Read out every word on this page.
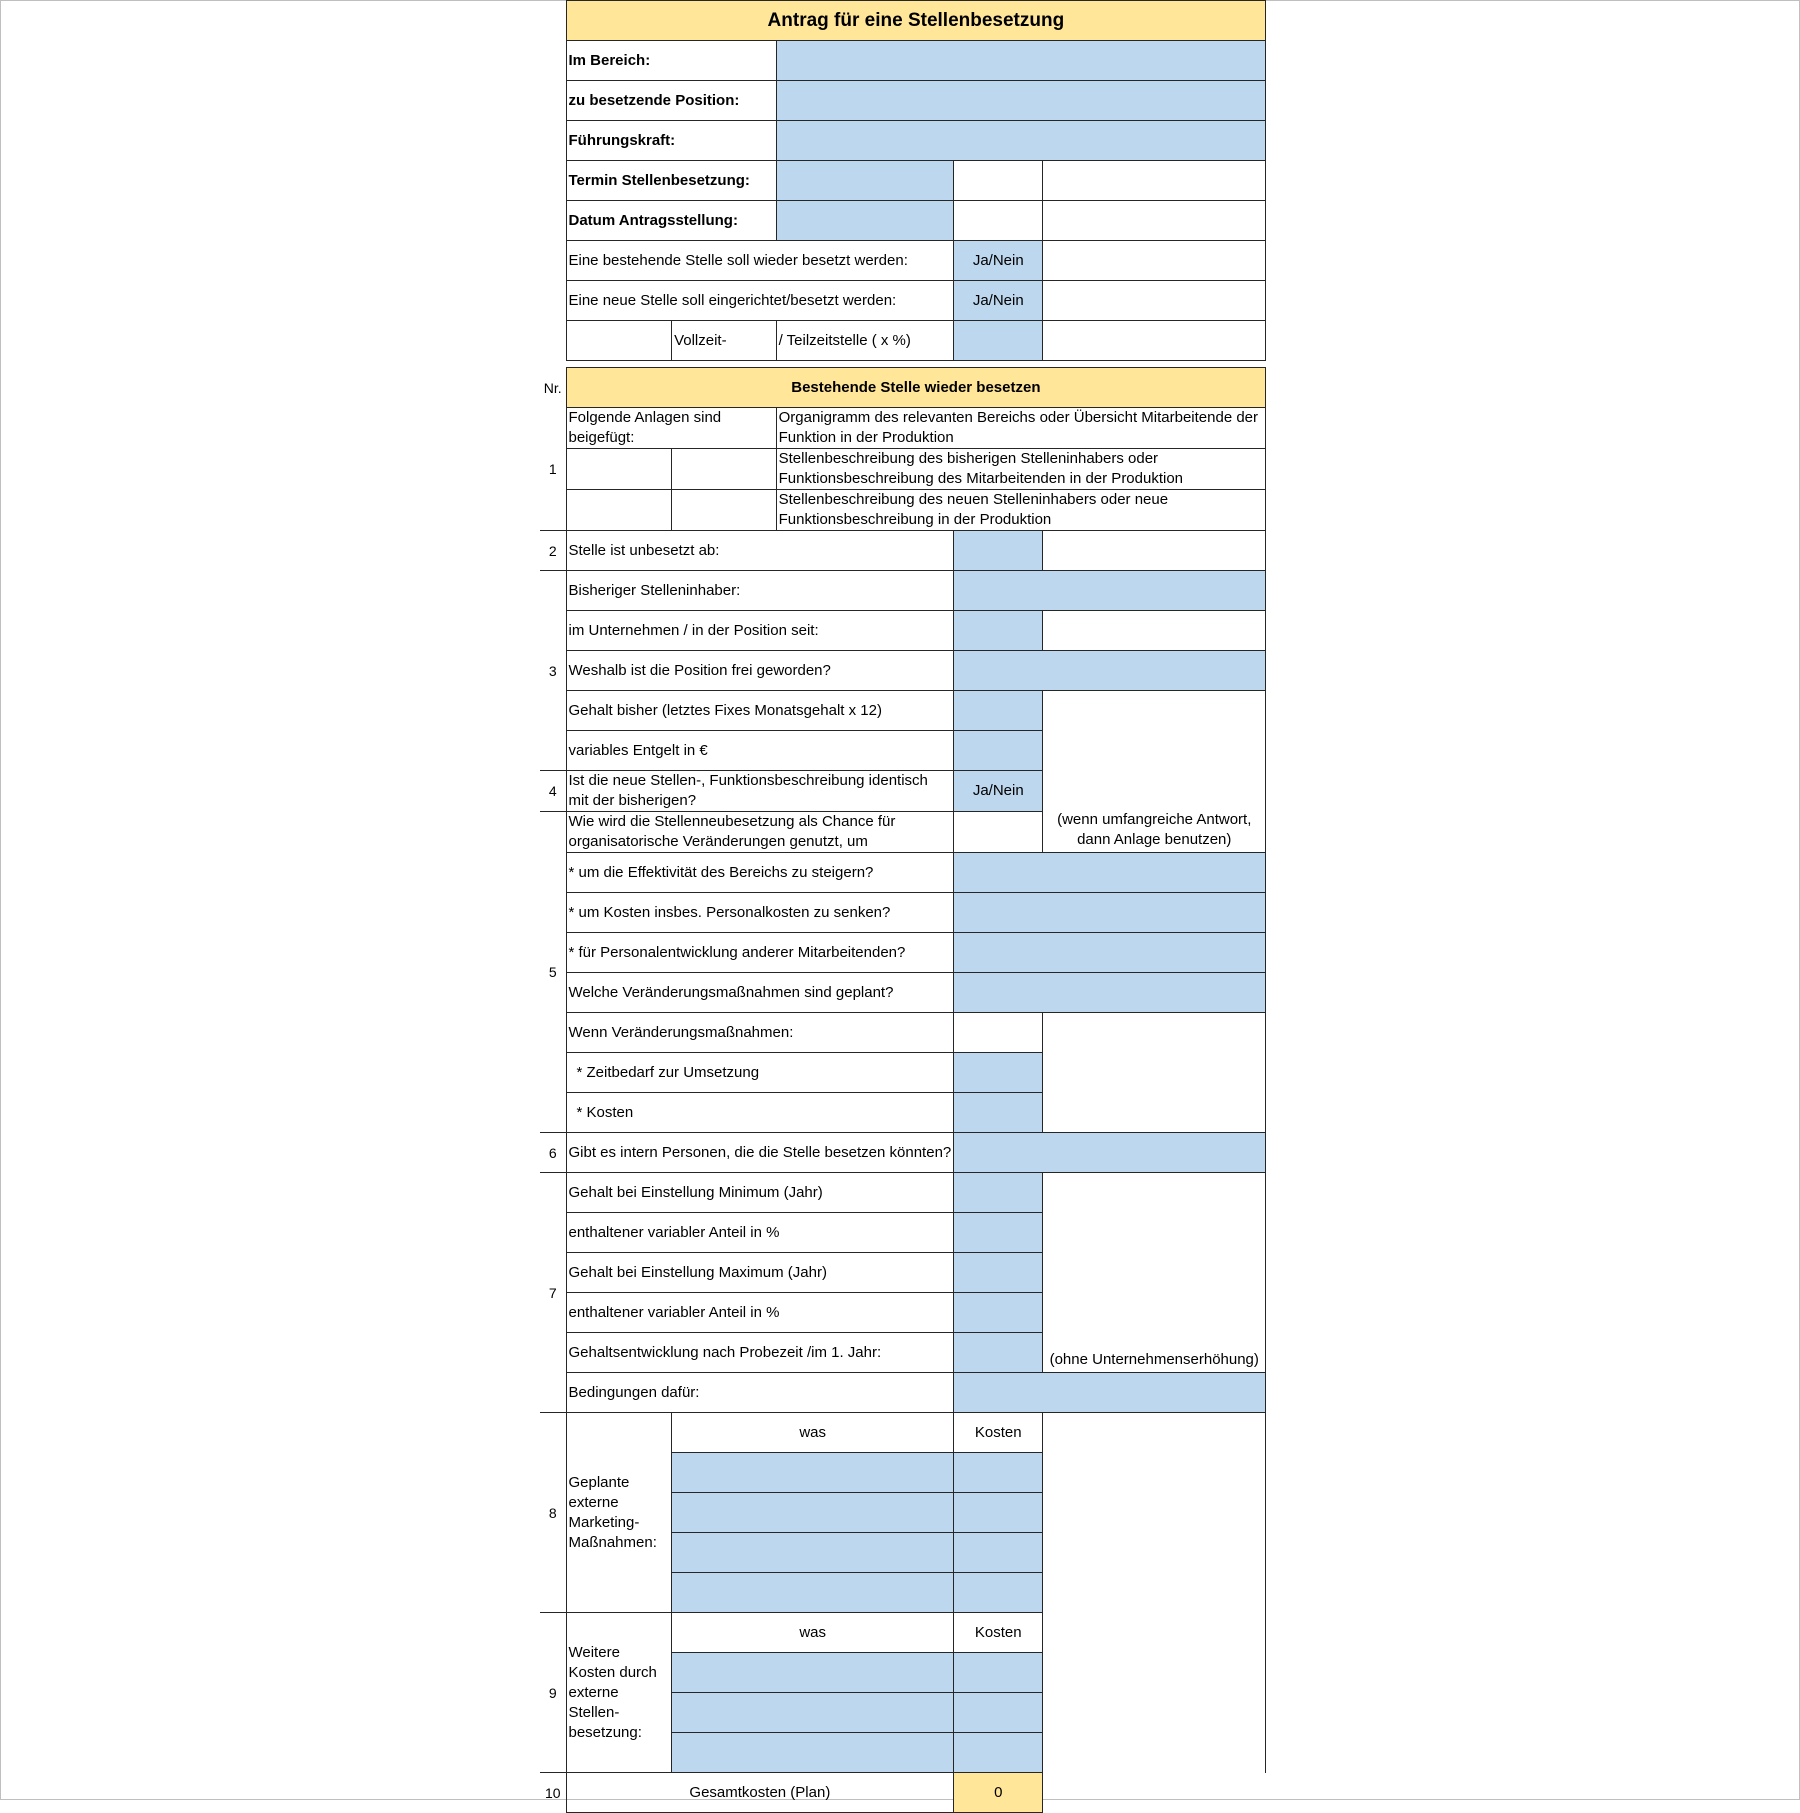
	Antrag für eine Stellenbesetzung				
	Im Bereich:				
	zu besetzende Position:				
	Führungskraft:				
	Termin Stellenbesetzung:				
	Datum Antragsstellung:				
	Eine bestehende Stelle soll wieder besetzt werden:			Ja/Nein	
	Eine neue Stelle soll eingerichtet/besetzt werden:			Ja/Nein	
		Vollzeit-	/ Teilzeitstelle ( x %)		

Nr.	Bestehende Stelle wieder besetzen				
1	Folgende Anlagen sind beigefügt:		Organigramm des relevanten Bereichs oder Übersicht Mitarbeitende der Funktion in der Produktion		
			Stellenbeschreibung des bisherigen Stelleninhabers oder Funktionsbeschreibung des Mitarbeitenden in der Produktion		
			Stellenbeschreibung des neuen Stelleninhabers oder neue Funktionsbeschreibung in der Produktion		
2	Stelle ist unbesetzt ab:				
3	Bisheriger Stelleninhaber:				
	im Unternehmen / in der Position seit:				
	Weshalb ist die Position frei geworden?				
	Gehalt bisher (letztes Fixes Monatsgehalt x 12)				(wenn umfangreiche Antwort, dann Anlage benutzen)
	variables Entgelt in €				
4	Ist die neue Stellen-, Funktionsbeschreibung identisch mit der bisherigen?			Ja/Nein	
5	Wie wird die Stellenneubesetzung als Chance für organisatorische Veränderungen genutzt, um				
	* um die Effektivität des Bereichs zu steigern?				
	* um Kosten insbes. Personalkosten zu senken?				
	* für Personalentwicklung anderer Mitarbeitenden?				
	Welche Veränderungsmaßnahmen sind geplant?				
	Wenn Veränderungsmaßnahmen:				
	* Zeitbedarf zur Umsetzung				
	* Kosten				
6	Gibt es intern Personen, die die Stelle besetzen könnten?				
7	Gehalt bei Einstellung Minimum (Jahr)				(ohne Unternehmenserhöhung)
	enthaltener variabler Anteil in %				
	Gehalt bei Einstellung Maximum (Jahr)				
	enthaltener variabler Anteil in %				
	Gehaltsentwicklung nach Probezeit /im 1. Jahr:				
	Bedingungen dafür:				
8	Geplante externe Marketing-Maßnahmen:	was		Kosten	

9	Weitere Kosten durch externe Stellen-besetzung:	was		Kosten	

10	Gesamtkosten (Plan)			0	
